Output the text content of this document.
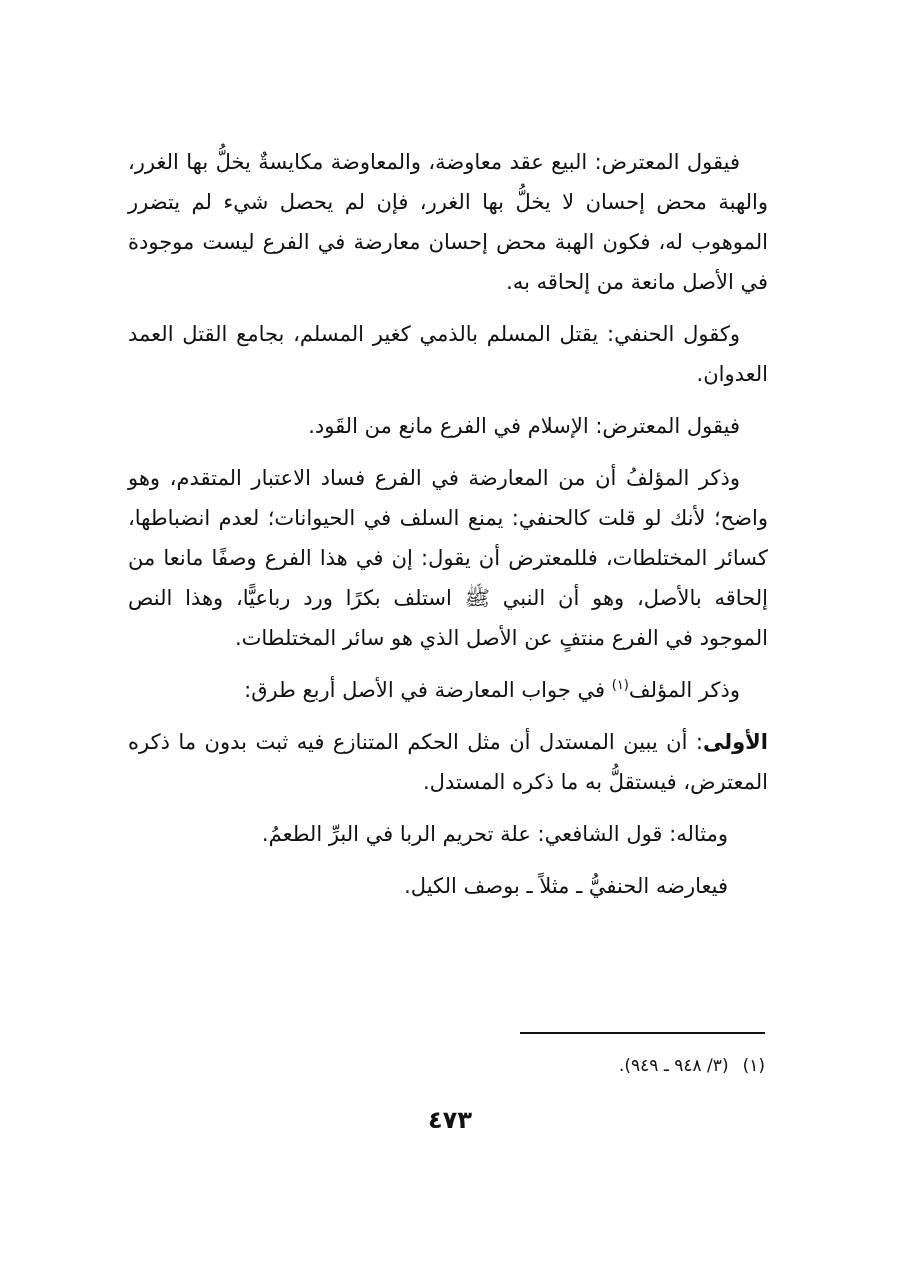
فيقول المعترض: البيع عقد معاوضة، والمعاوضة مكايسةٌ يخلُّ بها الغرر، والهبة محض إحسان لا يخلُّ بها الغرر، فإن لم يحصل شيء لم يتضرر الموهوب له، فكون الهبة محض إحسان معارضة في الفرع ليست موجودة في الأصل مانعة من إلحاقه به.

وكقول الحنفي: يقتل المسلم بالذمي كغير المسلم، بجامع القتل العمد العدوان.

فيقول المعترض: الإسلام في الفرع مانع من القَود.

وذكر المؤلفُ أن من المعارضة في الفرع فساد الاعتبار المتقدم، وهو واضح؛ لأنك لو قلت كالحنفي: يمنع السلف في الحيوانات؛ لعدم انضباطها، كسائر المختلطات، فللمعترض أن يقول: إن في هذا الفرع وصفًا مانعا من إلحاقه بالأصل، وهو أن النبي ﷺ استلف بكرًا ورد رباعيًّا، وهذا النص الموجود في الفرع منتفٍ عن الأصل الذي هو سائر المختلطات.

وذكر المؤلف$^{(١)}$ في جواب المعارضة في الأصل أربع طرق:

الأولى: أن يبين المستدل أن مثل الحكم المتنازع فيه ثبت بدون ما ذكره المعترض، فيستقلُّ به ما ذكره المستدل.

ومثاله: قول الشافعي: علة تحريم الربا في البرِّ الطعمُ.

فيعارضه الحنفيُّ ـ مثلاً ـ بوصف الكيل.

(١)(٣/ ٩٤٨ ـ ٩٤٩).
٤٧٣
